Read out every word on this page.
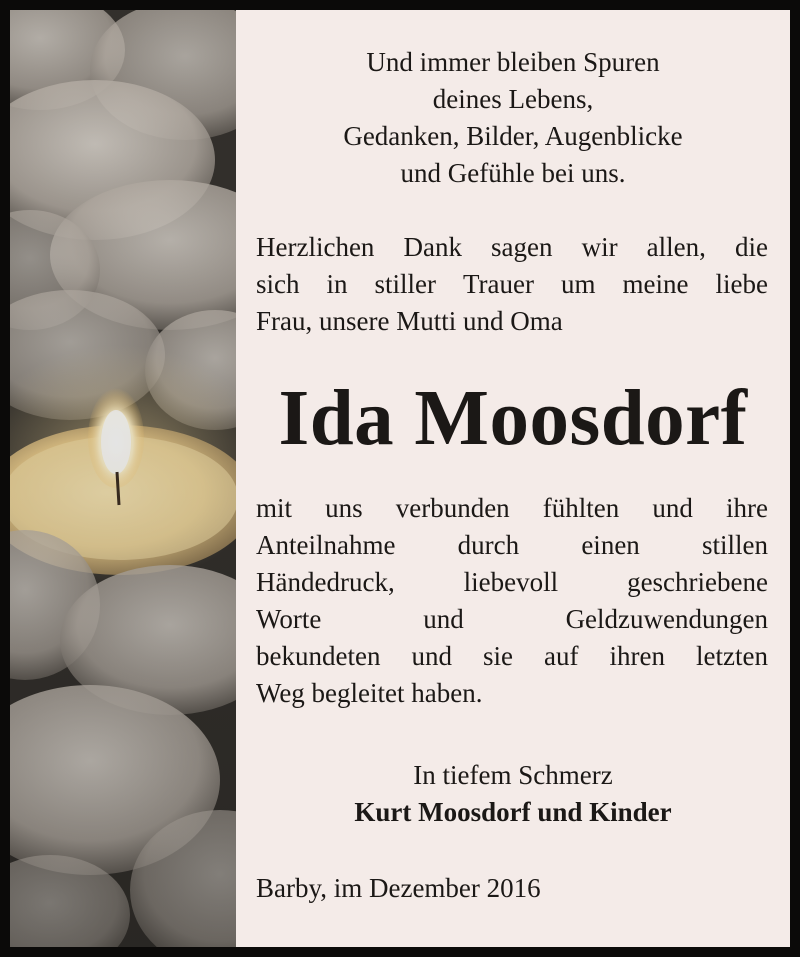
Und immer bleiben Spuren
deines Lebens,
Gedanken, Bilder, Augenblicke
und Gefühle bei uns.
Herzlichen Dank sagen wir allen, die
sich in stiller Trauer um meine liebe
Frau, unsere Mutti und Oma
Ida Moosdorf
mit uns verbunden fühlten und ihre
Anteilnahme durch einen stillen
Händedruck,	liebevoll	geschriebene
Worte	und	Geldzuwendungen
bekundeten und sie auf ihren letzten
Weg begleitet haben.
In tiefem Schmerz
Kurt Moosdorf und Kinder
Barby, im Dezember 2016
